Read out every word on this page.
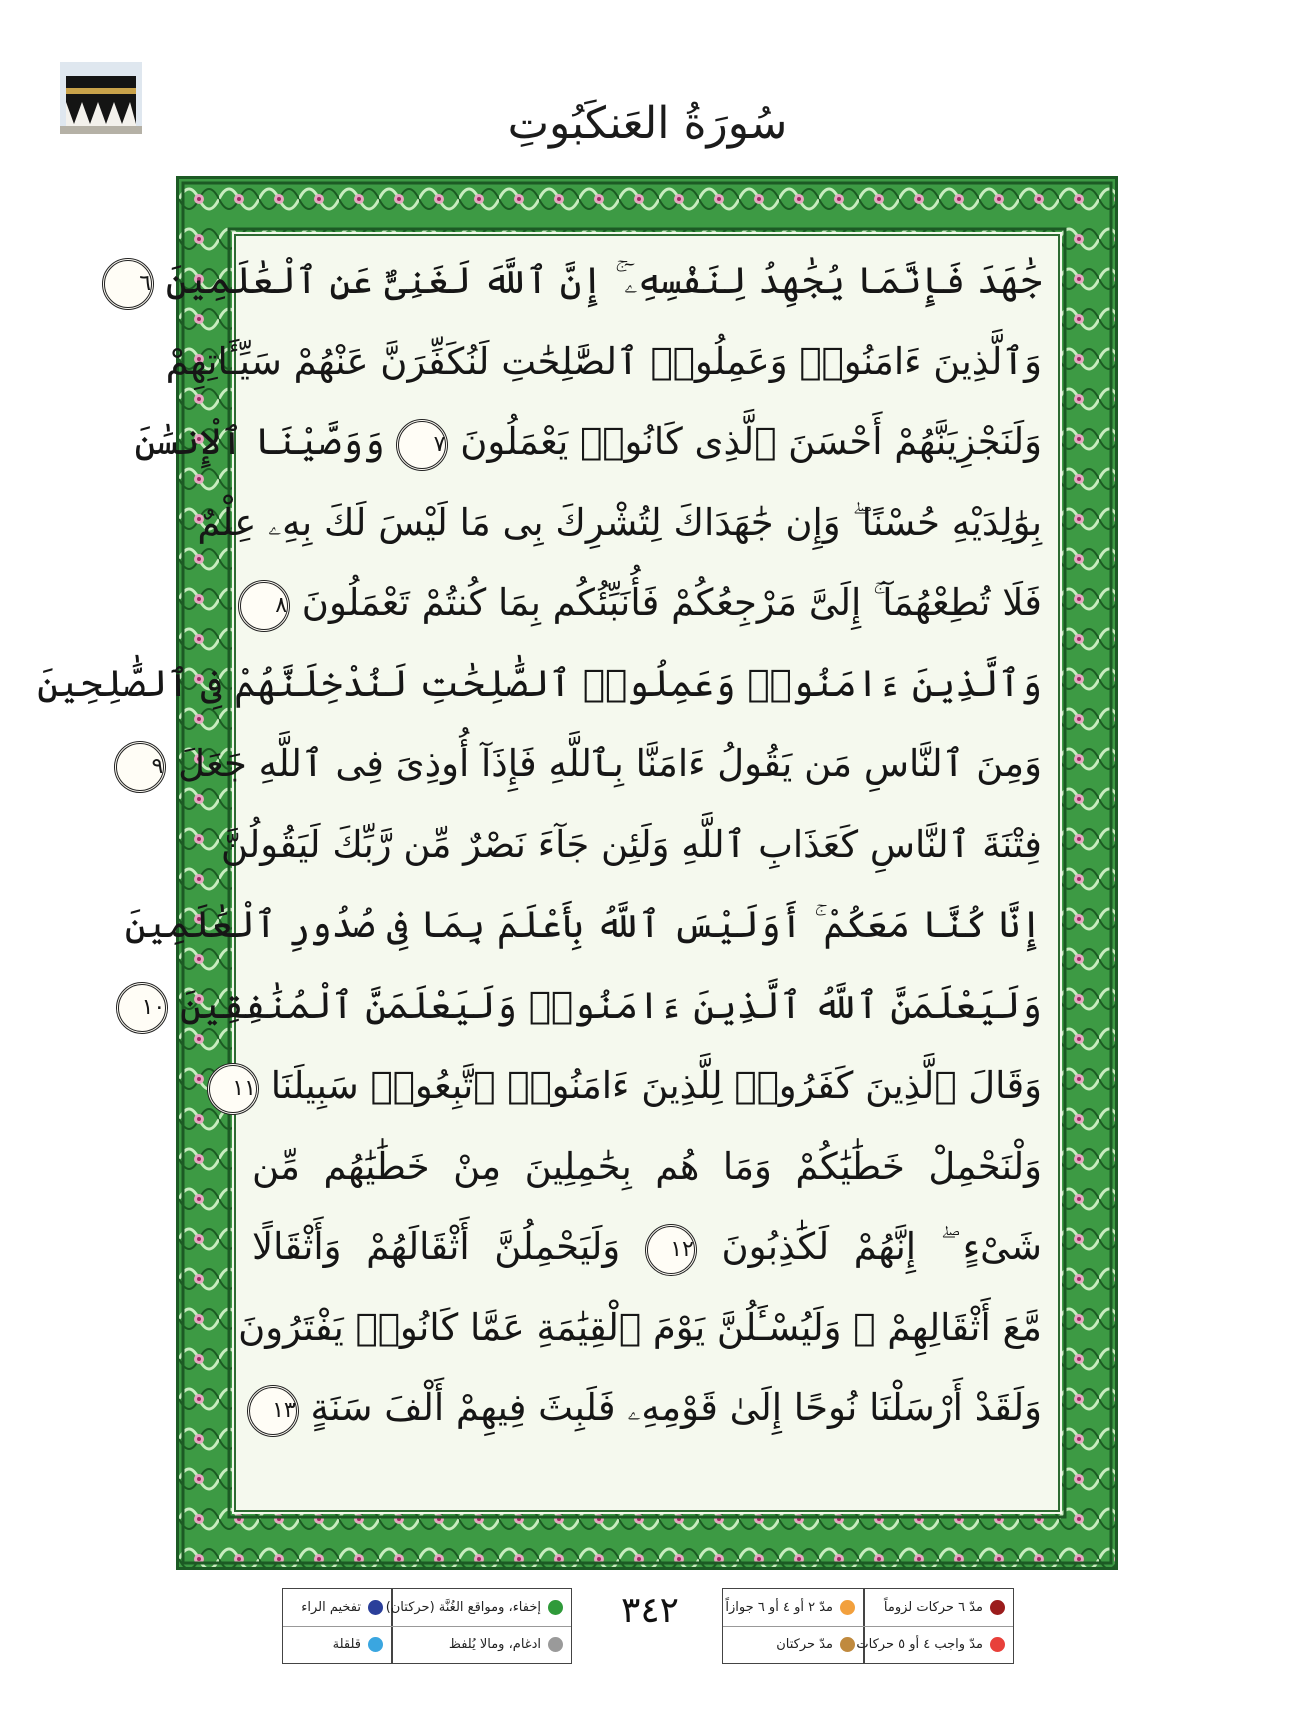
سُورَةُ العَنكَبُوتِ
جَٰهَدَ فَإِنَّمَا يُجَٰهِدُ لِنَفْسِهِۦٓ ۚ إِنَّ ٱللَّهَ لَغَنِىٌّ عَنِ ٱلْعَٰلَمِينَ ٦
وَٱلَّذِينَ ءَامَنُوا۟ وَعَمِلُوا۟ ٱلصَّٰلِحَٰتِ لَنُكَفِّرَنَّ عَنْهُمْ سَيِّـَٔاتِهِمْ
وَلَنَجْزِيَنَّهُمْ أَحْسَنَ ٱلَّذِى كَانُوا۟ يَعْمَلُونَ ٧ وَوَصَّيْنَا ٱلْإِنسَٰنَ
بِوَٰلِدَيْهِ حُسْنًا ۖ وَإِن جَٰهَدَاكَ لِتُشْرِكَ بِى مَا لَيْسَ لَكَ بِهِۦ عِلْمٌ
فَلَا تُطِعْهُمَآ ۚ إِلَىَّ مَرْجِعُكُمْ فَأُنَبِّئُكُم بِمَا كُنتُمْ تَعْمَلُونَ ٨
وَٱلَّذِينَ ءَامَنُوا۟ وَعَمِلُوا۟ ٱلصَّٰلِحَٰتِ لَنُدْخِلَنَّهُمْ فِى ٱلصَّٰلِحِينَ
وَمِنَ ٱلنَّاسِ مَن يَقُولُ ءَامَنَّا بِٱللَّهِ فَإِذَآ أُوذِىَ فِى ٱللَّهِ جَعَلَ ٩
فِتْنَةَ ٱلنَّاسِ كَعَذَابِ ٱللَّهِ وَلَئِن جَآءَ نَصْرٌ مِّن رَّبِّكَ لَيَقُولُنَّ
إِنَّا كُنَّا مَعَكُمْ ۚ أَوَلَيْسَ ٱللَّهُ بِأَعْلَمَ بِمَا فِى صُدُورِ ٱلْعَٰلَمِينَ
وَلَيَعْلَمَنَّ ٱللَّهُ ٱلَّذِينَ ءَامَنُوا۟ وَلَيَعْلَمَنَّ ٱلْمُنَٰفِقِينَ ١٠
وَقَالَ ٱلَّذِينَ كَفَرُوا۟ لِلَّذِينَ ءَامَنُوا۟ ٱتَّبِعُوا۟ سَبِيلَنَا ١١
وَلْنَحْمِلْ خَطَٰيَٰكُمْ وَمَا هُم بِحَٰمِلِينَ مِنْ خَطَٰيَٰهُم مِّن
شَىْءٍ ۖ إِنَّهُمْ لَكَٰذِبُونَ ١٢ وَلَيَحْمِلُنَّ أَثْقَالَهُمْ وَأَثْقَالًا
مَّعَ أَثْقَالِهِمْ ۖ وَلَيُسْـَٔلُنَّ يَوْمَ ٱلْقِيَٰمَةِ عَمَّا كَانُوا۟ يَفْتَرُونَ
وَلَقَدْ أَرْسَلْنَا نُوحًا إِلَىٰ قَوْمِهِۦ فَلَبِثَ فِيهِمْ أَلْفَ سَنَةٍ ١٣
إخفاء، ومواقع الغُنَّة (حركتان)
ادغام، ومالا يُلفظ
تفخيم الراء
قلقلة
٣٤٢	مدّ ٦ حركات لزوماً
مدّ واجب ٤ أو ٥ حركات
مدّ ٢ أو ٤ أو ٦ جوازاً
مدّ حركتان
